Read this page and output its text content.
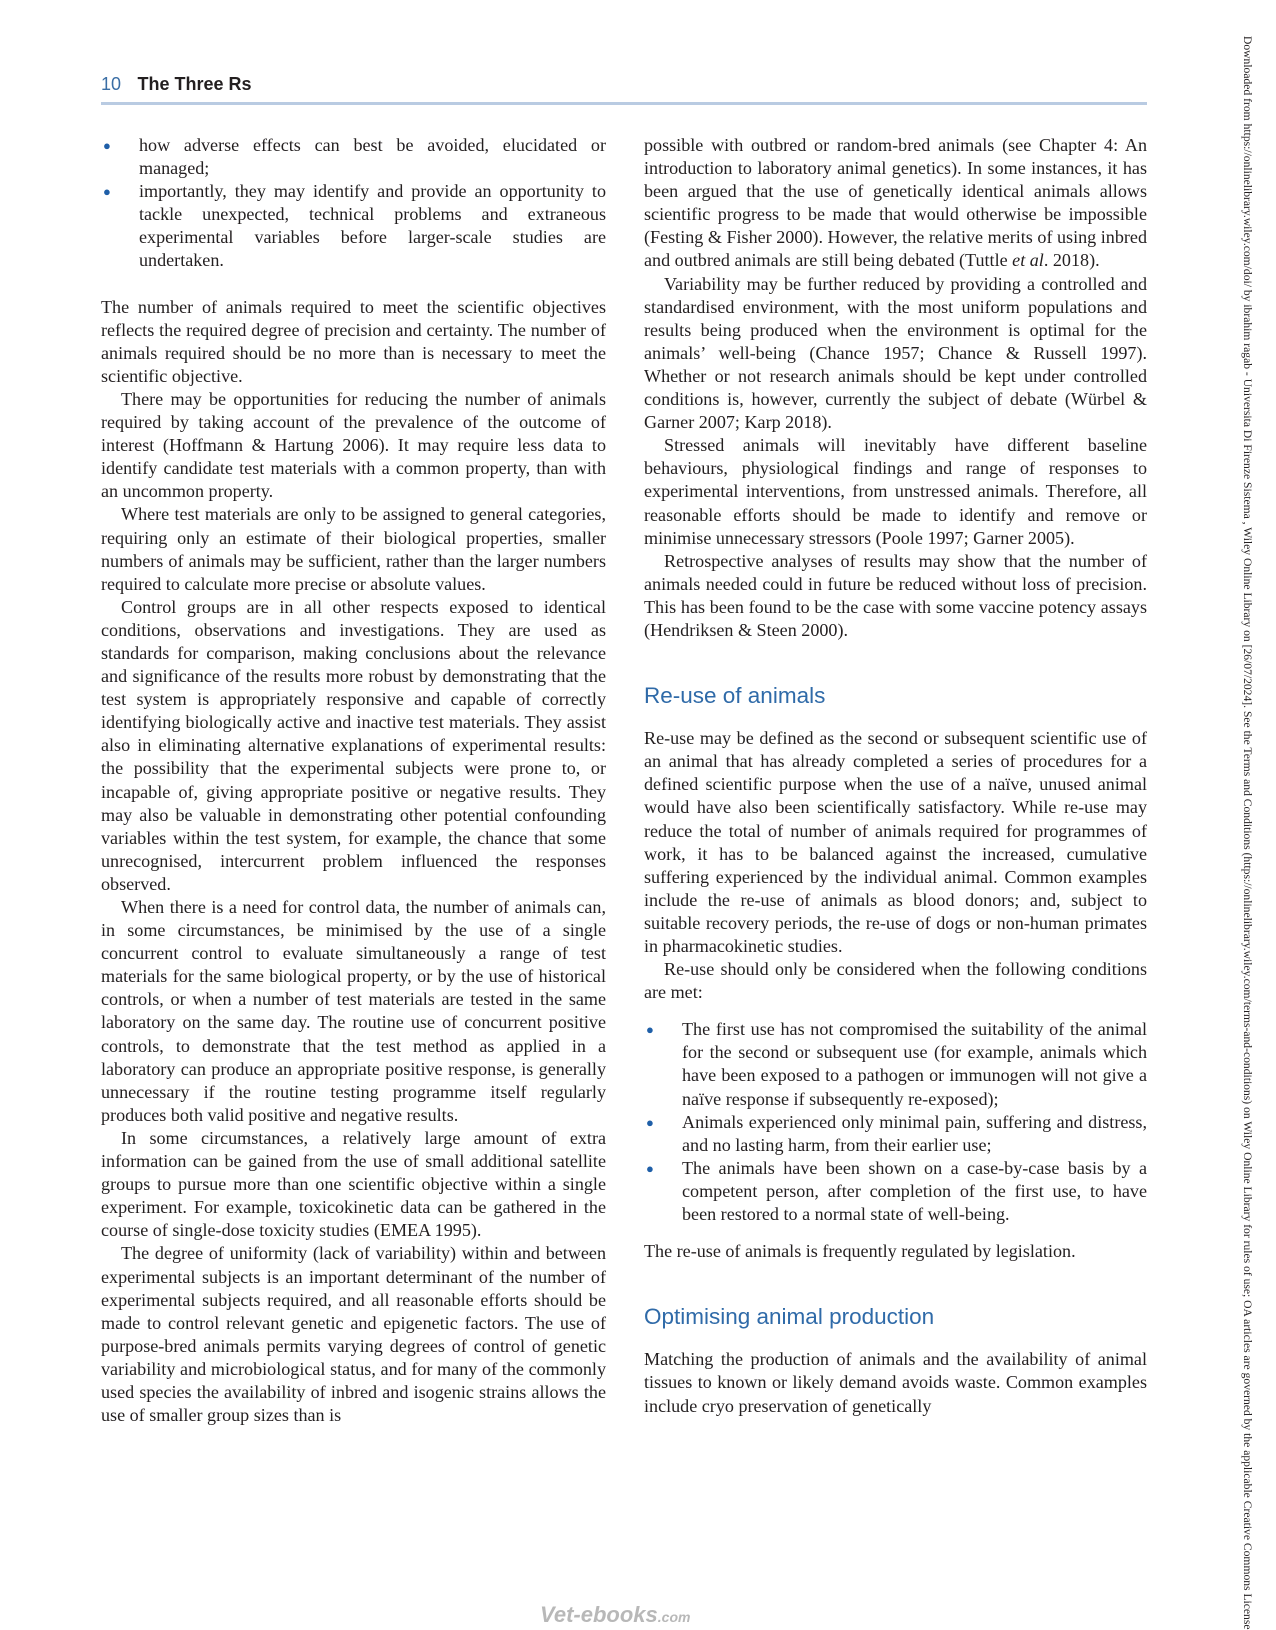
10 The Three Rs
● how adverse effects can best be avoided, elucidated or managed;
● importantly, they may identify and provide an opportunity to tackle unexpected, technical problems and extraneous experimental variables before larger-scale studies are undertaken.

The number of animals required to meet the scientific objectives reflects the required degree of precision and certainty. The number of animals required should be no more than is necessary to meet the scientific objective.

There may be opportunities for reducing the number of animals required by taking account of the prevalence of the outcome of interest (Hoffmann & Hartung 2006). It may require less data to identify candidate test materials with a common property, than with an uncommon property.

Where test materials are only to be assigned to general categories, requiring only an estimate of their biological properties, smaller numbers of animals may be sufficient, rather than the larger numbers required to calculate more precise or absolute values.

Control groups are in all other respects exposed to identical conditions, observations and investigations. They are used as standards for comparison, making conclusions about the relevance and significance of the results more robust by demonstrating that the test system is appropriately responsive and capable of correctly identifying biologically active and inactive test materials. They assist also in eliminating alternative explanations of experimental results: the possibility that the experimental subjects were prone to, or incapable of, giving appropriate positive or negative results. They may also be valuable in demonstrating other potential confounding variables within the test system, for example, the chance that some unrecognised, intercurrent problem influenced the responses observed.

When there is a need for control data, the number of animals can, in some circumstances, be minimised by the use of a single concurrent control to evaluate simultaneously a range of test materials for the same biological property, or by the use of historical controls, or when a number of test materials are tested in the same laboratory on the same day. The routine use of concurrent positive controls, to demonstrate that the test method as applied in a laboratory can produce an appropriate positive response, is generally unnecessary if the routine testing programme itself regularly produces both valid positive and negative results.

In some circumstances, a relatively large amount of extra information can be gained from the use of small additional satellite groups to pursue more than one scientific objective within a single experiment. For example, toxicokinetic data can be gathered in the course of single-dose toxicity studies (EMEA 1995).

The degree of uniformity (lack of variability) within and between experimental subjects is an important determinant of the number of experimental subjects required, and all reasonable efforts should be made to control relevant genetic and epigenetic factors. The use of purpose-bred animals permits varying degrees of control of genetic variability and microbiological status, and for many of the commonly used species the availability of inbred and isogenic strains allows the use of smaller group sizes than is

possible with outbred or random-bred animals (see Chapter 4: An introduction to laboratory animal genetics). In some instances, it has been argued that the use of genetically identical animals allows scientific progress to be made that would otherwise be impossible (Festing & Fisher 2000). However, the relative merits of using inbred and outbred animals are still being debated (Tuttle et al. 2018).

Variability may be further reduced by providing a controlled and standardised environment, with the most uniform populations and results being produced when the environment is optimal for the animals’ well-being (Chance 1957; Chance & Russell 1997). Whether or not research animals should be kept under controlled conditions is, however, currently the subject of debate (Würbel & Garner 2007; Karp 2018).

Stressed animals will inevitably have different baseline behaviours, physiological findings and range of responses to experimental interventions, from unstressed animals. Therefore, all reasonable efforts should be made to identify and remove or minimise unnecessary stressors (Poole 1997; Garner 2005).

Retrospective analyses of results may show that the number of animals needed could in future be reduced without loss of precision. This has been found to be the case with some vaccine potency assays (Hendriksen & Steen 2000).

Re-use of animals

Re-use may be defined as the second or subsequent scientific use of an animal that has already completed a series of procedures for a defined scientific purpose when the use of a naïve, unused animal would have also been scientifically satisfactory. While re-use may reduce the total of number of animals required for programmes of work, it has to be balanced against the increased, cumulative suffering experienced by the individual animal. Common examples include the re-use of animals as blood donors; and, subject to suitable recovery periods, the re-use of dogs or non-human primates in pharmacokinetic studies.

Re-use should only be considered when the following conditions are met:

● The first use has not compromised the suitability of the animal for the second or subsequent use (for example, animals which have been exposed to a pathogen or immunogen will not give a naïve response if subsequently re-exposed);
● Animals experienced only minimal pain, suffering and distress, and no lasting harm, from their earlier use;
● The animals have been shown on a case-by-case basis by a competent person, after completion of the first use, to have been restored to a normal state of well-being.

The re-use of animals is frequently regulated by legislation.

Optimising animal production

Matching the production of animals and the availability of animal tissues to known or likely demand avoids waste. Common examples include cryo preservation of genetically	Downloaded from https://onlinelibrary.wiley.com/doi/ by ibrahim ragab - Universita Di Firenze Sistema , Wiley Online Library on [26/07/2024]. See the Terms and Conditions (https://onlinelibrary.wiley.com/terms-and-conditions) on Wiley Online Library for rules of use; OA articles are governed by the applicable Creative Commons License
Vet-ebooks.com
